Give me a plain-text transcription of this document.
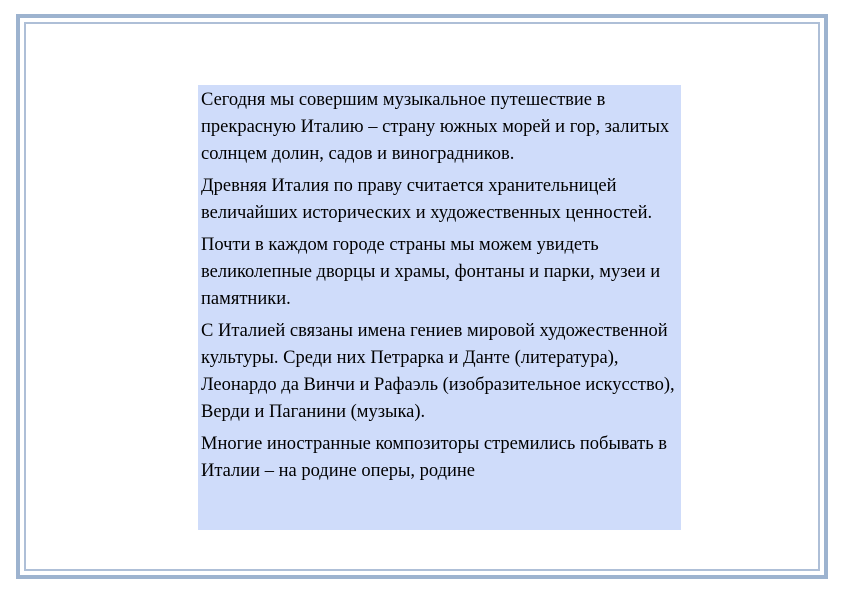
Сегодня мы совершим музыкальное путешествие в прекрасную Италию – страну южных морей и гор, залитых солнцем долин, садов и виноградников.

Древняя Италия по праву считается хранительницей величайших исторических и художественных ценностей.

Почти в каждом городе страны мы можем увидеть великолепные дворцы и храмы, фонтаны и парки, музеи и памятники.

С Италией связаны имена гениев мировой художественной культуры. Среди них Петрарка и Данте (литература), Леонардо да Винчи и Рафаэль (изобразительное искусство), Верди и Паганини (музыка).

Многие иностранные композиторы стремились побывать в Италии – на родине оперы, родине
